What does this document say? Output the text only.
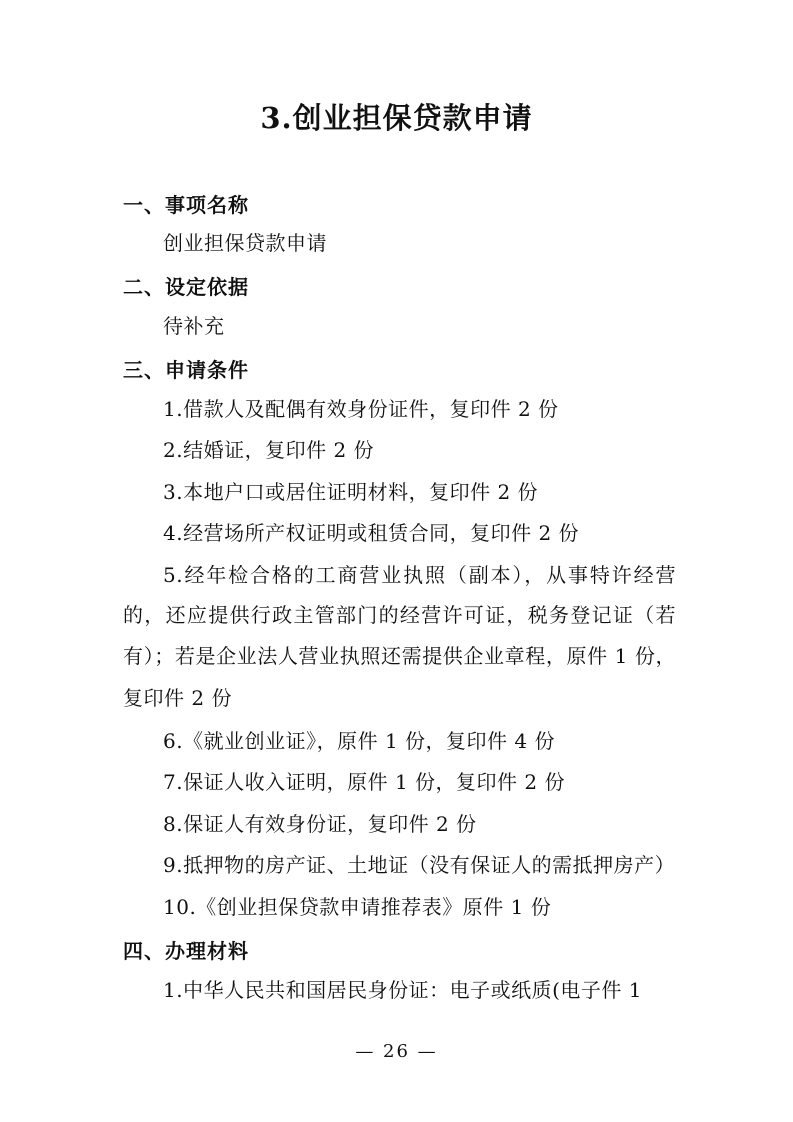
3.创业担保贷款申请
一、事项名称
创业担保贷款申请
二、设定依据
待补充
三、申请条件
1.借款人及配偶有效身份证件，复印件 2 份
2.结婚证，复印件 2 份
3.本地户口或居住证明材料，复印件 2 份
4.经营场所产权证明或租赁合同，复印件 2 份
5.经年检合格的工商营业执照（副本），从事特许经营
的，还应提供行政主管部门的经营许可证，税务登记证（若
有）；若是企业法人营业执照还需提供企业章程，原件 1 份，
复印件 2 份
6.《就业创业证》，原件 1 份，复印件 4 份
7.保证人收入证明，原件 1 份，复印件 2 份
8.保证人有效身份证，复印件 2 份
9.抵押物的房产证、土地证（没有保证人的需抵押房产）
10.《创业担保贷款申请推荐表》原件 1 份
四、办理材料
1.中华人民共和国居民身份证：电子或纸质(电子件 1
— 26 —
